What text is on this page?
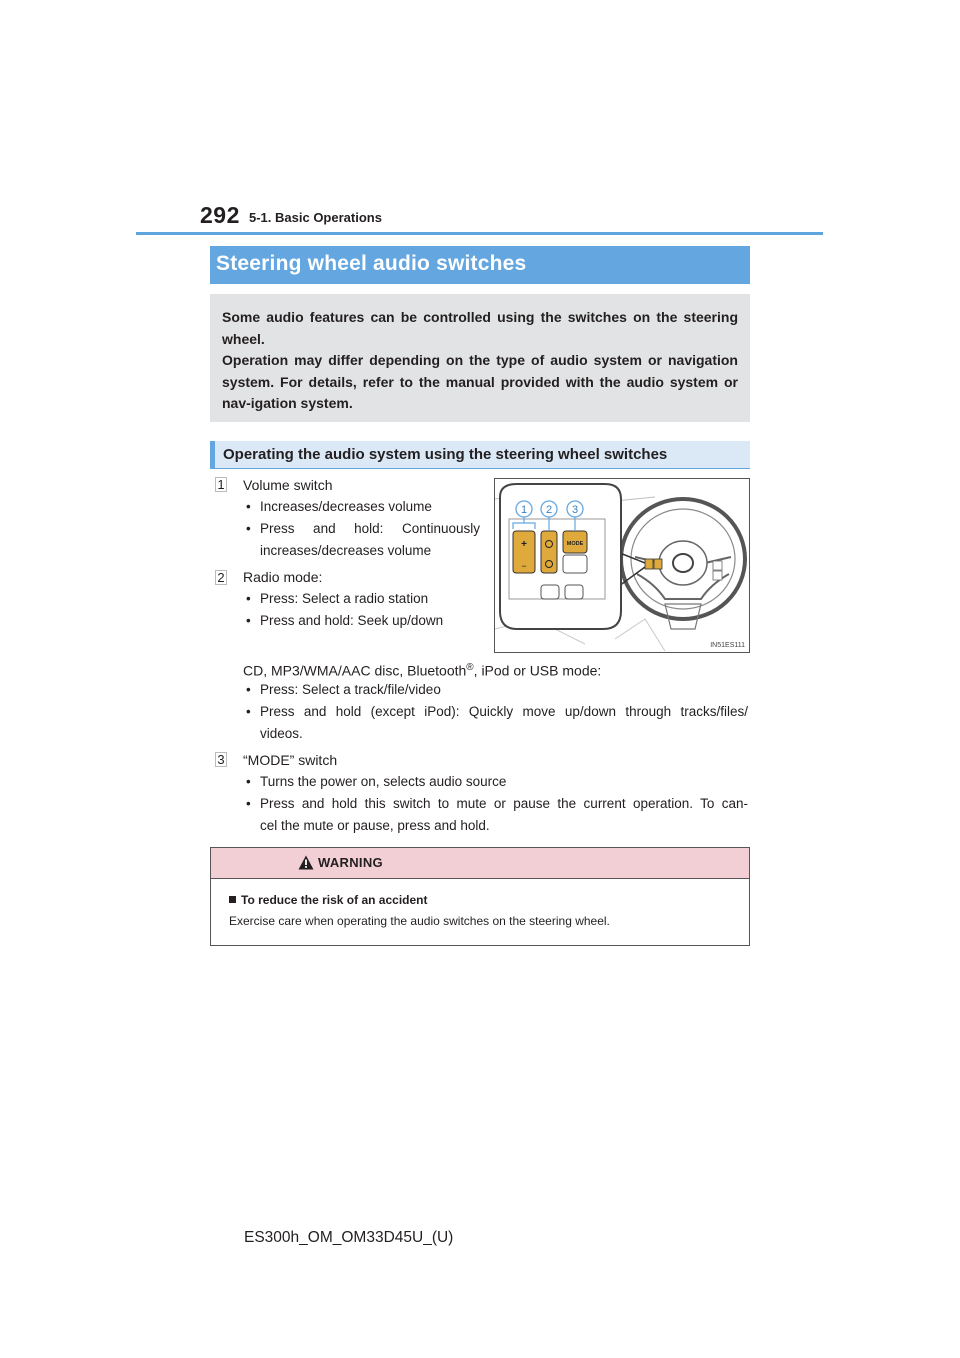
292 5-1. Basic Operations
Steering wheel audio switches

Some audio features can be controlled using the switches on the steering wheel.

Operation may differ depending on the type of audio system or navigation system. For details, refer to the manual provided with the audio system or nav-igation system.

Operating the audio system using the steering wheel switches
1 Volume switch
• Increases/decreases volume
• Press and hold: Continuously
increases/decreases volume
2 Radio mode:
• Press: Select a radio station
• Press and hold: Seek up/down
CD, MP3/WMA/AAC disc, Bluetooth®, iPod or USB mode:
• Press: Select a track/file/video
• Press and hold (except iPod): Quickly move up/down through tracks/files/
videos.
3 “MODE” switch
• Turns the power on, selects audio source
• Press and hold this switch to mute or pause the current operation. To can-
cel the mute or pause, press and hold.
+
−
MODE
1 2 3
IN51ES111
WARNING
To reduce the risk of an accident
Exercise care when operating the audio switches on the steering wheel.
ES300h_OM_OM33D45U_(U)
